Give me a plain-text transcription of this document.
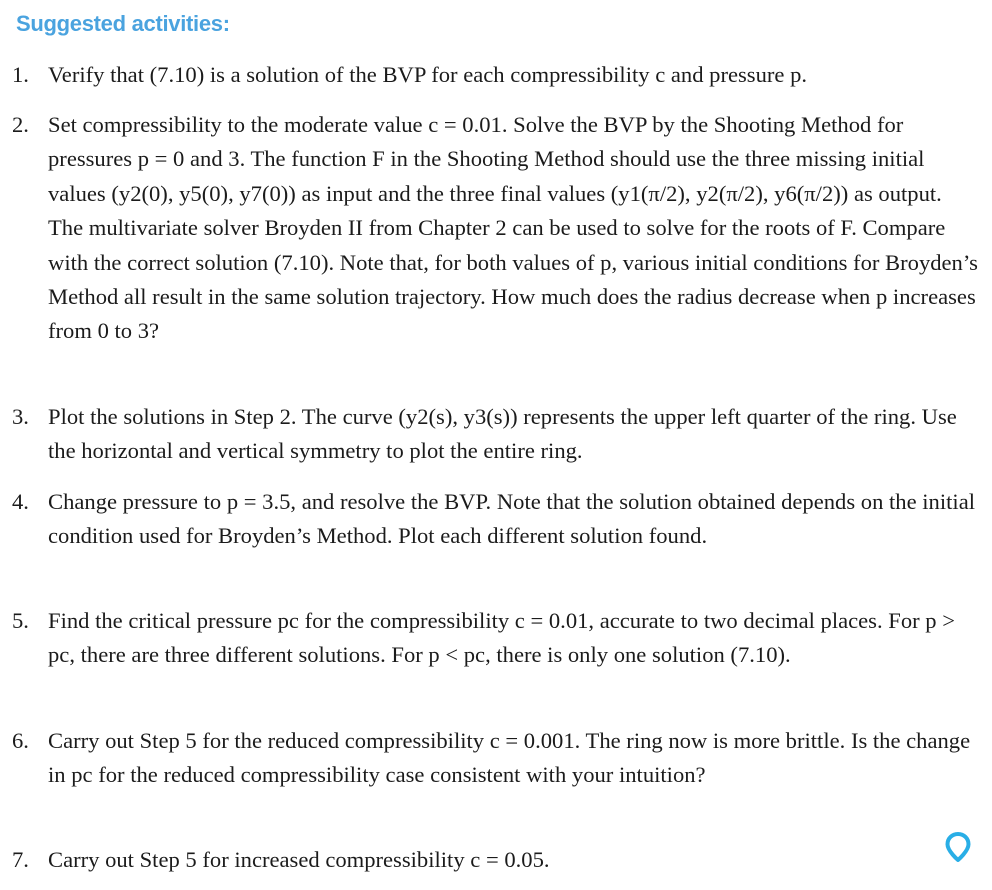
Suggested activities:
1. Verify that (7.10) is a solution of the BVP for each compressibility c and pressure p.
2. Set compressibility to the moderate value c = 0.01. Solve the BVP by the Shooting Method for pressures p = 0 and 3. The function F in the Shooting Method should use the three missing initial values (y2(0), y5(0), y7(0)) as input and the three final values (y1(π/2), y2(π/2), y6(π/2)) as output. The multivariate solver Broyden II from Chapter 2 can be used to solve for the roots of F. Compare with the correct solution (7.10). Note that, for both values of p, various initial conditions for Broyden’s Method all result in the same solution trajectory. How much does the radius decrease when p increases from 0 to 3?
3. Plot the solutions in Step 2. The curve (y2(s), y3(s)) represents the upper left quarter of the ring. Use the horizontal and vertical symmetry to plot the entire ring.
4. Change pressure to p = 3.5, and resolve the BVP. Note that the solution obtained depends on the initial condition used for Broyden’s Method. Plot each different solution found.
5. Find the critical pressure pc for the compressibility c = 0.01, accurate to two decimal places. For p > pc, there are three different solutions. For p < pc, there is only one solution (7.10).
6. Carry out Step 5 for the reduced compressibility c = 0.001. The ring now is more brittle. Is the change in pc for the reduced compressibility case consistent with your intuition?
7. Carry out Step 5 for increased compressibility c = 0.05.
